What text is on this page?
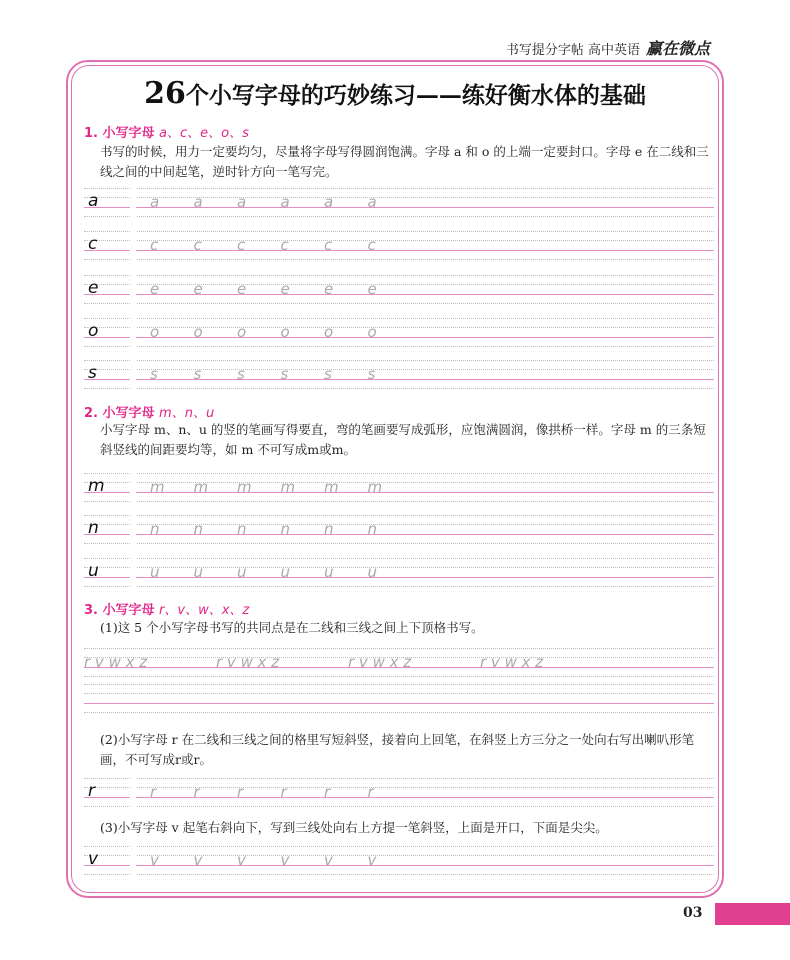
书写提分字帖 高中英语 赢在微点
26个小写字母的巧妙练习——练好衡水体的基础
1. 小写字母 a、c、e、o、s
书写的时候，用力一定要均匀，尽量将字母写得圆润饱满。字母 a 和 o 的上端一定要封口。字母 e 在二线和三线之间的中间起笔，逆时针方向一笔写完。
2. 小写字母 m、n、u
小写字母 m、n、u 的竖的笔画写得要直，弯的笔画要写成弧形，应饱满圆润，像拱桥一样。字母 m 的三条短斜竖线的间距要均等，如 m 不可写成m或m。
3. 小写字母 r、v、w、x、z
(1)这 5 个小写字母书写的共同点是在二线和三线之间上下顶格书写。
(2)小写字母 r 在二线和三线之间的格里写短斜竖，接着向上回笔，在斜竖上方三分之一处向右写出喇叭形笔画，不可写成r或r。
(3)小写字母 v 起笔右斜向下，写到三线处向右上方提一笔斜竖，上面是开口，下面是尖尖。
a	a a a a a a
c	c c c c c c
e	e e e e e e
o	o o o o o o
s	s s s s s s
m	m m m m m m
n	n n n n n n
u	u u u u u u
r v w x z	r v w x z	r v w x z	r v w x z
r	r r r r r r
v	v v v v v v
03
